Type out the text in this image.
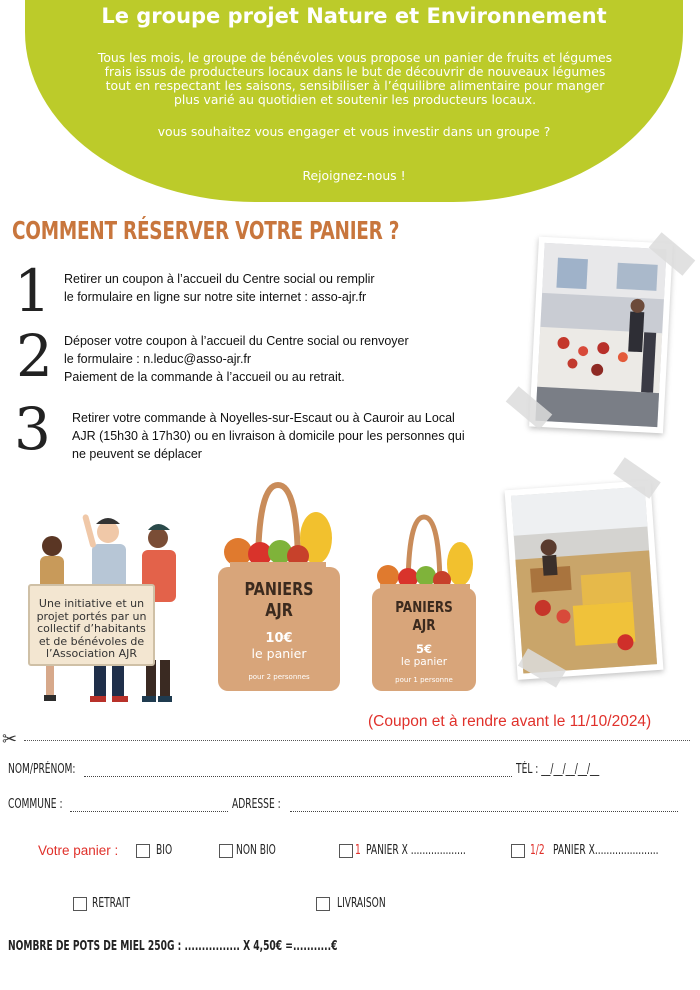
Le groupe projet Nature et Environnement
Tous les mois, le groupe de bénévoles vous propose un panier de fruits et légumes
frais issus de producteurs locaux dans le but de découvrir de nouveaux légumes
tout en respectant les saisons, sensibiliser à l’équilibre alimentaire pour manger
plus varié au quotidien et soutenir les producteurs locaux.
vous souhaitez vous engager et vous investir dans un groupe ?
Rejoignez-nous !
COMMENT RÉSERVER VOTRE PANIER ?
1 Retirer un coupon à l’accueil du Centre social ou remplir
le formulaire en ligne sur notre site internet : asso-ajr.fr
2 Déposer votre coupon à l’accueil du Centre social ou renvoyer
le formulaire : n.leduc@asso-ajr.fr
Paiement de la commande à l’accueil ou au retrait.
3 Retirer votre commande à Noyelles-sur-Escaut ou à Cauroir au Local
AJR (15h30 à 17h30) ou en livraison à domicile pour les personnes qui
ne peuvent se déplacer
Une initiative et un
projet portés par un
collectif d’habitants
et de bénévoles de
l’Association AJR
PANIERS
AJR
10€
le panier
pour 2 personnes
PANIERS
AJR
5€
le panier
pour 1 personne
(Coupon et à rendre avant le 11/10/2024)
✂
NOM/PRÉNOM:	TÉL : __/__/__/__/__
COMMUNE :	ADRESSE :
Votre panier :	BIO	NON BIO	1 PANIER X ...................	1/2 PANIER X......................
RETRAIT	LIVRAISON
NOMBRE DE POTS DE MIEL 250G : ................ X 4,50€ =...........€
